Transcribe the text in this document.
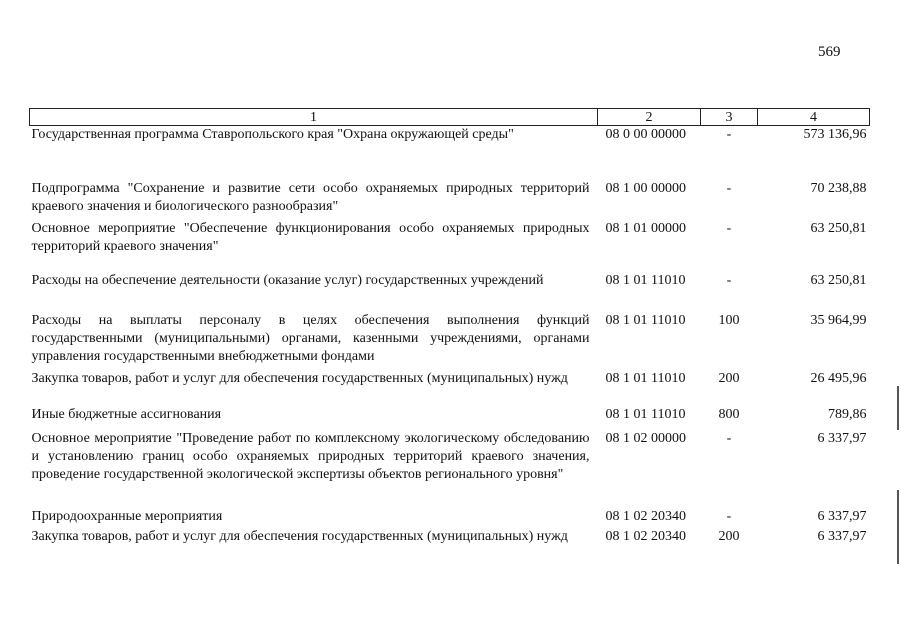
569
1	2	3	4
Государственная программа Ставропольского края "Охрана окружающей среды"	08 0 00 00000	-	573 136,96
Подпрограмма "Сохранение и развитие сети особо охраняемых природных территорий краевого значения и биологического разнообразия"	08 1 00 00000	-	70 238,88
Основное мероприятие "Обеспечение функционирования особо охраняемых природных территорий краевого значения"	08 1 01 00000	-	63 250,81
Расходы на обеспечение деятельности (оказание услуг) государственных учреждений	08 1 01 11010	-	63 250,81
Расходы на выплаты персоналу в целях обеспечения выполнения функций государственными (муниципальными) органами, казенными учреждениями, органами управления государственными внебюджетными фондами	08 1 01 11010	100	35 964,99
Закупка товаров, работ и услуг для обеспечения государственных (муниципальных) нужд	08 1 01 11010	200	26 495,96
Иные бюджетные ассигнования	08 1 01 11010	800	789,86
Основное мероприятие "Проведение работ по комплексному экологическому обследованию и установлению границ особо охраняемых природных территорий краевого значения, проведение государственной экологической экспертизы объектов регионального уровня"	08 1 02 00000	-	6 337,97
Природоохранные мероприятия	08 1 02 20340	-	6 337,97
Закупка товаров, работ и услуг для обеспечения государственных (муниципальных) нужд	08 1 02 20340	200	6 337,97
